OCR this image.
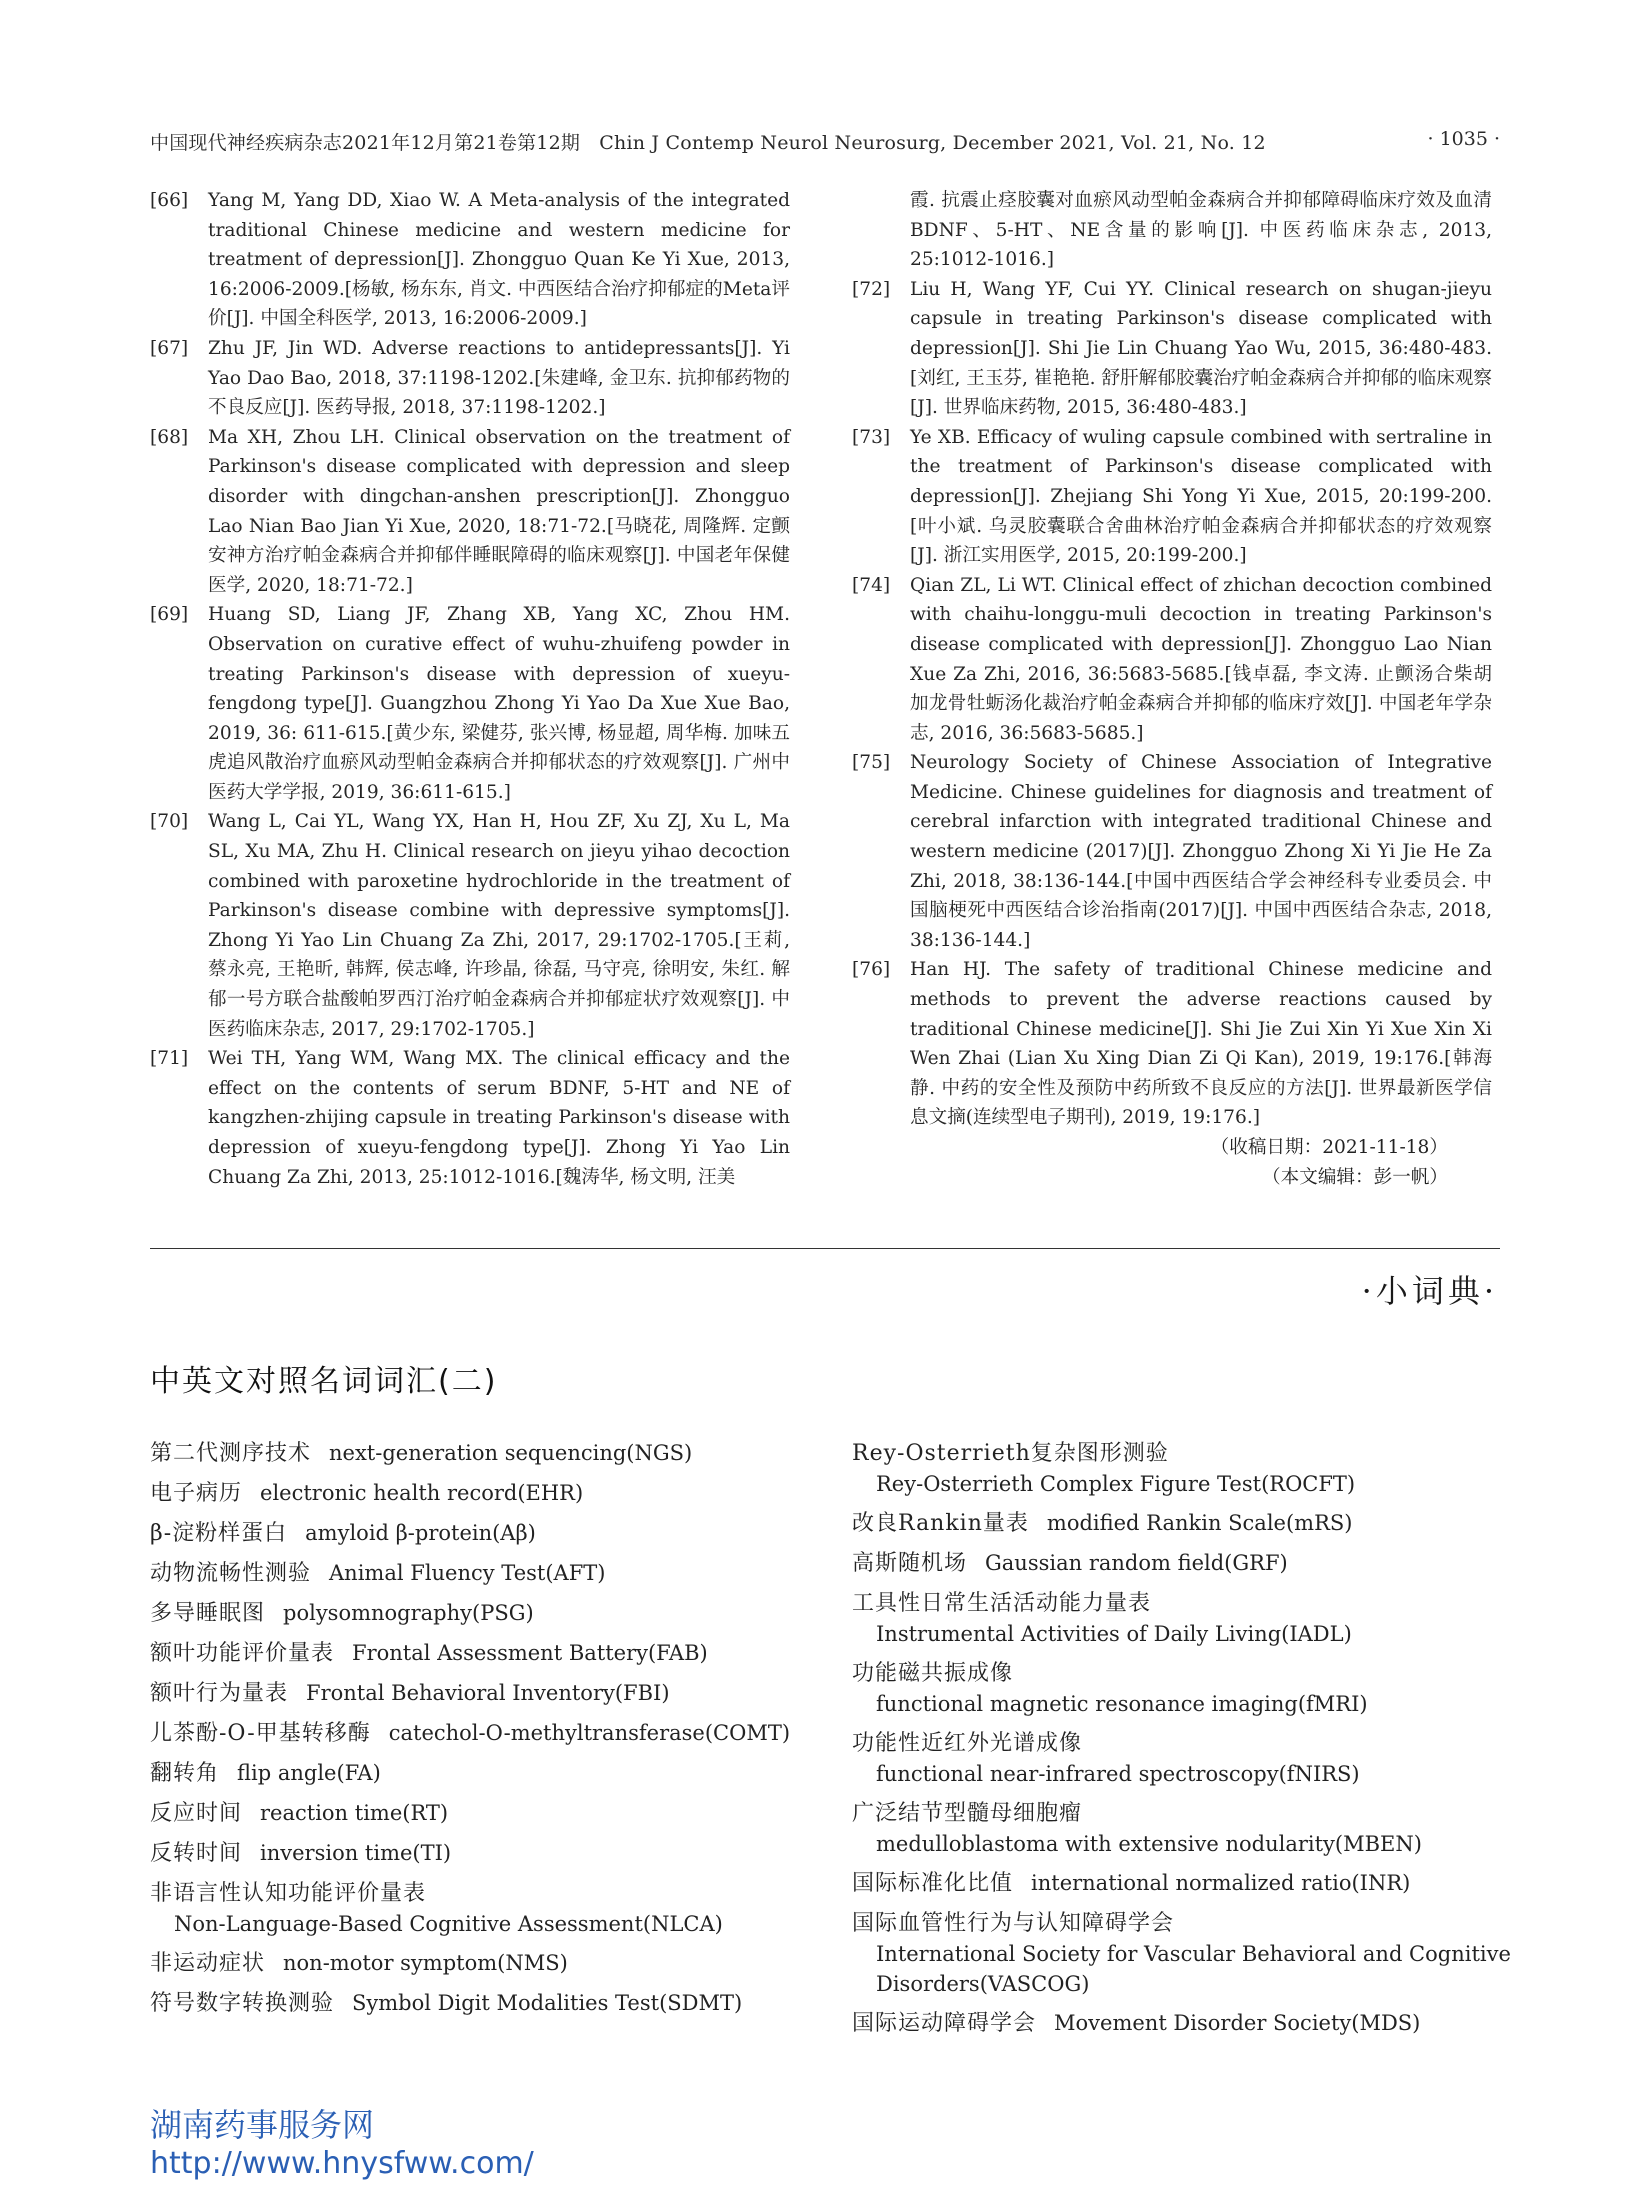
中国现代神经疾病杂志2021年12月第21卷第12期　Chin J Contemp Neurol Neurosurg, December 2021, Vol. 21, No. 12	· 1035 ·
[66] Yang M, Yang DD, Xiao W. A Meta-analysis of the integrated traditional Chinese medicine and western medicine for treatment of depression[J]. Zhongguo Quan Ke Yi Xue, 2013, 16:2006-2009.[杨敏, 杨东东, 肖文. 中西医结合治疗抑郁症的Meta评价[J]. 中国全科医学, 2013, 16:2006-2009.]
[67] Zhu JF, Jin WD. Adverse reactions to antidepressants[J]. Yi Yao Dao Bao, 2018, 37:1198-1202.[朱建峰, 金卫东. 抗抑郁药物的不良反应[J]. 医药导报, 2018, 37:1198-1202.]
[68] Ma XH, Zhou LH. Clinical observation on the treatment of Parkinson's disease complicated with depression and sleep disorder with dingchan-anshen prescription[J]. Zhongguo Lao Nian Bao Jian Yi Xue, 2020, 18:71-72.[马晓花, 周隆辉. 定颤安神方治疗帕金森病合并抑郁伴睡眠障碍的临床观察[J]. 中国老年保健医学, 2020, 18:71-72.]
[69] Huang SD, Liang JF, Zhang XB, Yang XC, Zhou HM. Observation on curative effect of wuhu-zhuifeng powder in treating Parkinson's disease with depression of xueyu-fengdong type[J]. Guangzhou Zhong Yi Yao Da Xue Xue Bao, 2019, 36: 611-615.[黄少东, 梁健芬, 张兴博, 杨显超, 周华梅. 加味五虎追风散治疗血瘀风动型帕金森病合并抑郁状态的疗效观察[J]. 广州中医药大学学报, 2019, 36:611-615.]
[70] Wang L, Cai YL, Wang YX, Han H, Hou ZF, Xu ZJ, Xu L, Ma SL, Xu MA, Zhu H. Clinical research on jieyu yihao decoction combined with paroxetine hydrochloride in the treatment of Parkinson's disease combine with depressive symptoms[J]. Zhong Yi Yao Lin Chuang Za Zhi, 2017, 29:1702-1705.[王莉, 蔡永亮, 王艳昕, 韩辉, 侯志峰, 许珍晶, 徐磊, 马守亮, 徐明安, 朱红. 解郁一号方联合盐酸帕罗西汀治疗帕金森病合并抑郁症状疗效观察[J]. 中医药临床杂志, 2017, 29:1702-1705.]
[71] Wei TH, Yang WM, Wang MX. The clinical efficacy and the effect on the contents of serum BDNF, 5-HT and NE of kangzhen-zhijing capsule in treating Parkinson's disease with depression of xueyu-fengdong type[J]. Zhong Yi Yao Lin Chuang Za Zhi, 2013, 25:1012-1016.[魏涛华, 杨文明, 汪美
霞. 抗震止痉胶囊对血瘀风动型帕金森病合并抑郁障碍临床疗效及血清BDNF、5-HT、NE含量的影响[J]. 中医药临床杂志, 2013, 25:1012-1016.]
[72] Liu H, Wang YF, Cui YY. Clinical research on shugan-jieyu capsule in treating Parkinson's disease complicated with depression[J]. Shi Jie Lin Chuang Yao Wu, 2015, 36:480-483.[刘红, 王玉芬, 崔艳艳. 舒肝解郁胶囊治疗帕金森病合并抑郁的临床观察[J]. 世界临床药物, 2015, 36:480-483.]
[73] Ye XB. Efficacy of wuling capsule combined with sertraline in the treatment of Parkinson's disease complicated with depression[J]. Zhejiang Shi Yong Yi Xue, 2015, 20:199-200.[叶小斌. 乌灵胶囊联合舍曲林治疗帕金森病合并抑郁状态的疗效观察[J]. 浙江实用医学, 2015, 20:199-200.]
[74] Qian ZL, Li WT. Clinical effect of zhichan decoction combined with chaihu-longgu-muli decoction in treating Parkinson's disease complicated with depression[J]. Zhongguo Lao Nian Xue Za Zhi, 2016, 36:5683-5685.[钱卓磊, 李文涛. 止颤汤合柴胡加龙骨牡蛎汤化裁治疗帕金森病合并抑郁的临床疗效[J]. 中国老年学杂志, 2016, 36:5683-5685.]
[75] Neurology Society of Chinese Association of Integrative Medicine. Chinese guidelines for diagnosis and treatment of cerebral infarction with integrated traditional Chinese and western medicine (2017)[J]. Zhongguo Zhong Xi Yi Jie He Za Zhi, 2018, 38:136-144.[中国中西医结合学会神经科专业委员会. 中国脑梗死中西医结合诊治指南(2017)[J]. 中国中西医结合杂志, 2018, 38:136-144.]
[76] Han HJ. The safety of traditional Chinese medicine and methods to prevent the adverse reactions caused by traditional Chinese medicine[J]. Shi Jie Zui Xin Yi Xue Xin Xi Wen Zhai (Lian Xu Xing Dian Zi Qi Kan), 2019, 19:176.[韩海静. 中药的安全性及预防中药所致不良反应的方法[J]. 世界最新医学信息文摘(连续型电子期刊), 2019, 19:176.]
（收稿日期：2021-11-18）
（本文编辑：彭一帆）
·小词典·
中英文对照名词词汇(二)
第二代测序技术 next-generation sequencing(NGS)
电子病历 electronic health record(EHR)
β-淀粉样蛋白 amyloid β-protein(Aβ)
动物流畅性测验 Animal Fluency Test(AFT)
多导睡眠图 polysomnography(PSG)
额叶功能评价量表 Frontal Assessment Battery(FAB)
额叶行为量表 Frontal Behavioral Inventory(FBI)
儿茶酚-O-甲基转移酶 catechol-O-methyltransferase(COMT)
翻转角 flip angle(FA)
反应时间 reaction time(RT)
反转时间 inversion time(TI)
非语言性认知功能评价量表
Non-Language-Based Cognitive Assessment(NLCA)
非运动症状 non-motor symptom(NMS)
符号数字转换测验 Symbol Digit Modalities Test(SDMT)
Rey-Osterrieth复杂图形测验
Rey-Osterrieth Complex Figure Test(ROCFT)
改良Rankin量表 modified Rankin Scale(mRS)
高斯随机场 Gaussian random field(GRF)
工具性日常生活活动能力量表
Instrumental Activities of Daily Living(IADL)
功能磁共振成像
functional magnetic resonance imaging(fMRI)
功能性近红外光谱成像
functional near-infrared spectroscopy(fNIRS)
广泛结节型髓母细胞瘤
medulloblastoma with extensive nodularity(MBEN)
国际标准化比值 international normalized ratio(INR)
国际血管性行为与认知障碍学会
International Society for Vascular Behavioral and Cognitive Disorders(VASCOG)
国际运动障碍学会 Movement Disorder Society(MDS)
湖南药事服务网
http://www.hnysfww.com/
